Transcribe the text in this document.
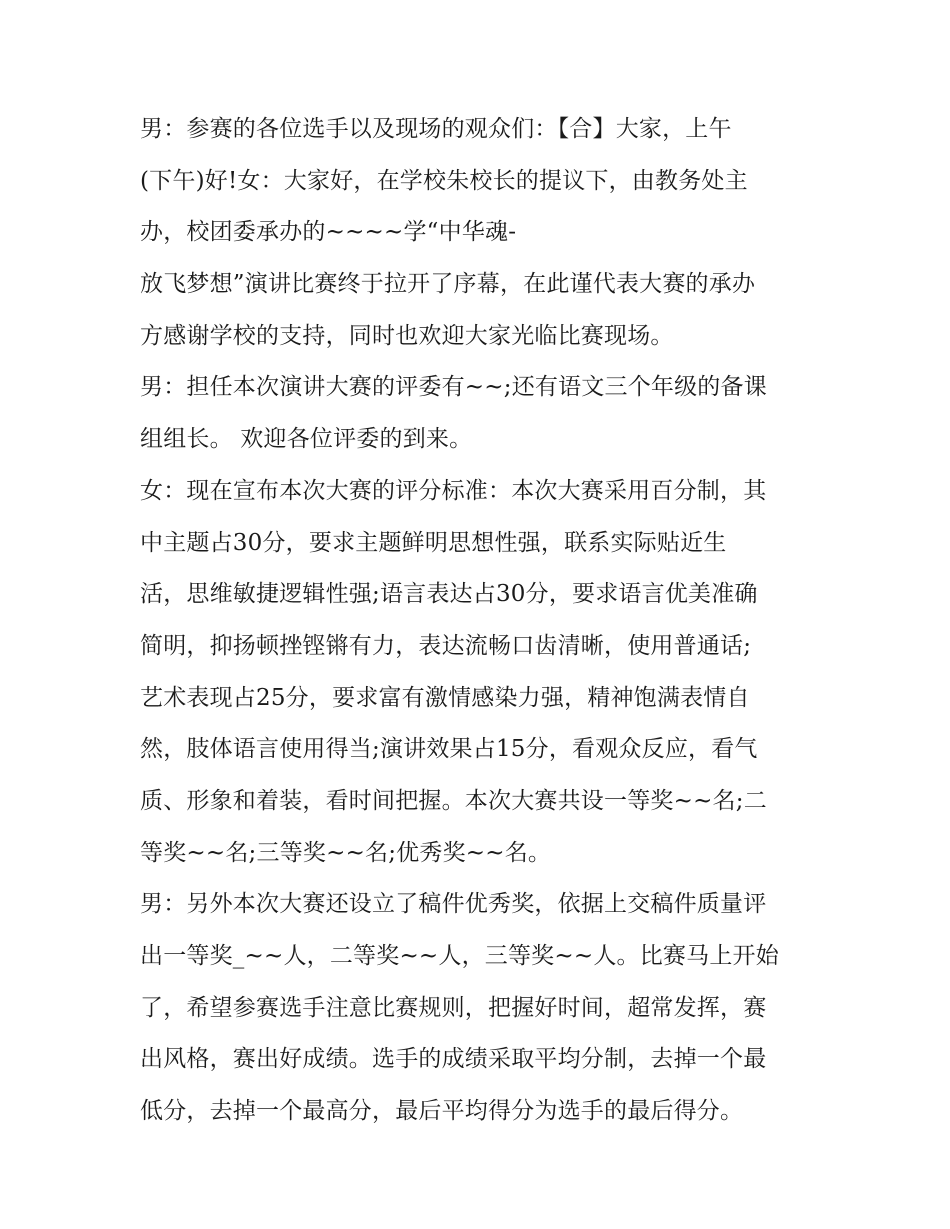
男：参赛的各位选手以及现场的观众们：【合】大家，上午
(下午)好!女：大家好，在学校朱校长的提议下，由教务处主
办，校团委承办的~~~~学“中华魂-
放飞梦想”演讲比赛终于拉开了序幕，在此谨代表大赛的承办
方感谢学校的支持，同时也欢迎大家光临比赛现场。
男：担任本次演讲大赛的评委有~~;还有语文三个年级的备课
组组长。 欢迎各位评委的到来。
女：现在宣布本次大赛的评分标准：本次大赛采用百分制，其
中主题占30分，要求主题鲜明思想性强，联系实际贴近生
活，思维敏捷逻辑性强;语言表达占30分，要求语言优美准确
简明，抑扬顿挫铿锵有力，表达流畅口齿清晰，使用普通话;
艺术表现占25分，要求富有激情感染力强，精神饱满表情自
然，肢体语言使用得当;演讲效果占15分，看观众反应，看气
质、形象和着装，看时间把握。本次大赛共设一等奖~~名;二
等奖~~名;三等奖~~名;优秀奖~~名。
男：另外本次大赛还设立了稿件优秀奖，依据上交稿件质量评
出一等奖_~~人，二等奖~~人，三等奖~~人。比赛马上开始
了，希望参赛选手注意比赛规则，把握好时间，超常发挥，赛
出风格，赛出好成绩。选手的成绩采取平均分制，去掉一个最
低分，去掉一个最高分，最后平均得分为选手的最后得分。
